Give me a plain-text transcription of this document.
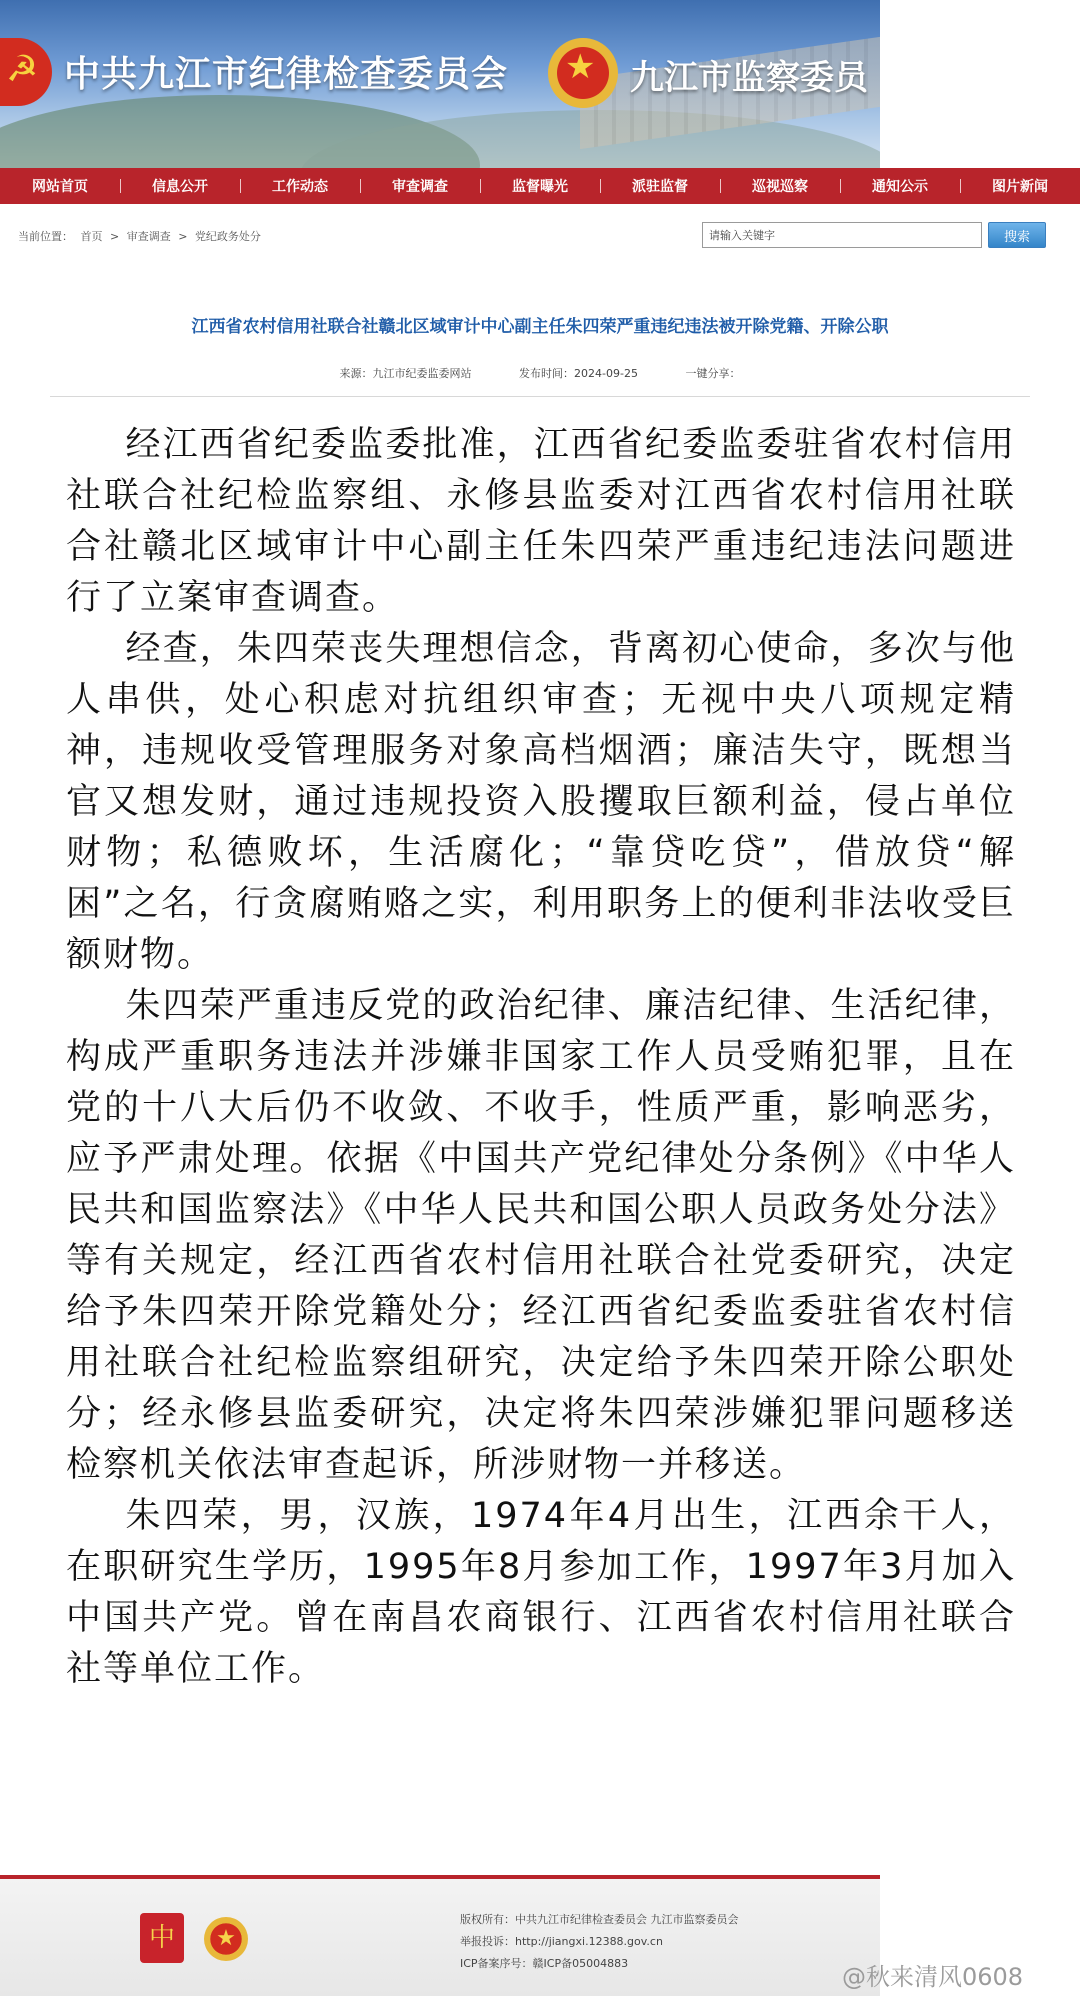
☭ 中共九江市纪律检查委员会 ★ 九江市监察委员
网站首页	信息公开	工作动态	审查调查	监督曝光	派驻监督	巡视巡察	通知公示	图片新闻
当前位置： 首页 > 审查调查 > 党纪政务处分
请输入关键字	搜索
江西省农村信用社联合社赣北区域审计中心副主任朱四荣严重违纪违法被开除党籍、开除公职
来源：九江市纪委监委网站	发布时间：2024-09-25	一键分享：

经江西省纪委监委批准，江西省纪委监委驻省农村信用社联合社纪检监察组、永修县监委对江西省农村信用社联合社赣北区域审计中心副主任朱四荣严重违纪违法问题进行了立案审查调查。

经查，朱四荣丧失理想信念，背离初心使命，多次与他人串供，处心积虑对抗组织审查；无视中央八项规定精神，违规收受管理服务对象高档烟酒；廉洁失守，既想当官又想发财，通过违规投资入股攫取巨额利益，侵占单位财物；私德败坏，生活腐化；“靠贷吃贷”，借放贷“解困”之名，行贪腐贿赂之实，利用职务上的便利非法收受巨额财物。

朱四荣严重违反党的政治纪律、廉洁纪律、生活纪律，构成严重职务违法并涉嫌非国家工作人员受贿犯罪，且在党的十八大后仍不收敛、不收手，性质严重，影响恶劣，应予严肃处理。依据《中国共产党纪律处分条例》《中华人民共和国监察法》《中华人民共和国公职人员政务处分法》等有关规定，经江西省农村信用社联合社党委研究，决定给予朱四荣开除党籍处分；经江西省纪委监委驻省农村信用社联合社纪检监察组研究，决定给予朱四荣开除公职处分；经永修县监委研究，决定将朱四荣涉嫌犯罪问题移送检察机关依法审查起诉，所涉财物一并移送。

朱四荣，男，汉族，1974年4月出生，江西余干人，在职研究生学历，1995年8月参加工作，1997年3月加入中国共产党。曾在南昌农商银行、江西省农村信用社联合社等单位工作。

中	★
版权所有：中共九江市纪律检查委员会 九江市监察委员会
举报投诉：http://jiangxi.12388.gov.cn
ICP备案序号：赣ICP备05004883	@秋来清风0608
